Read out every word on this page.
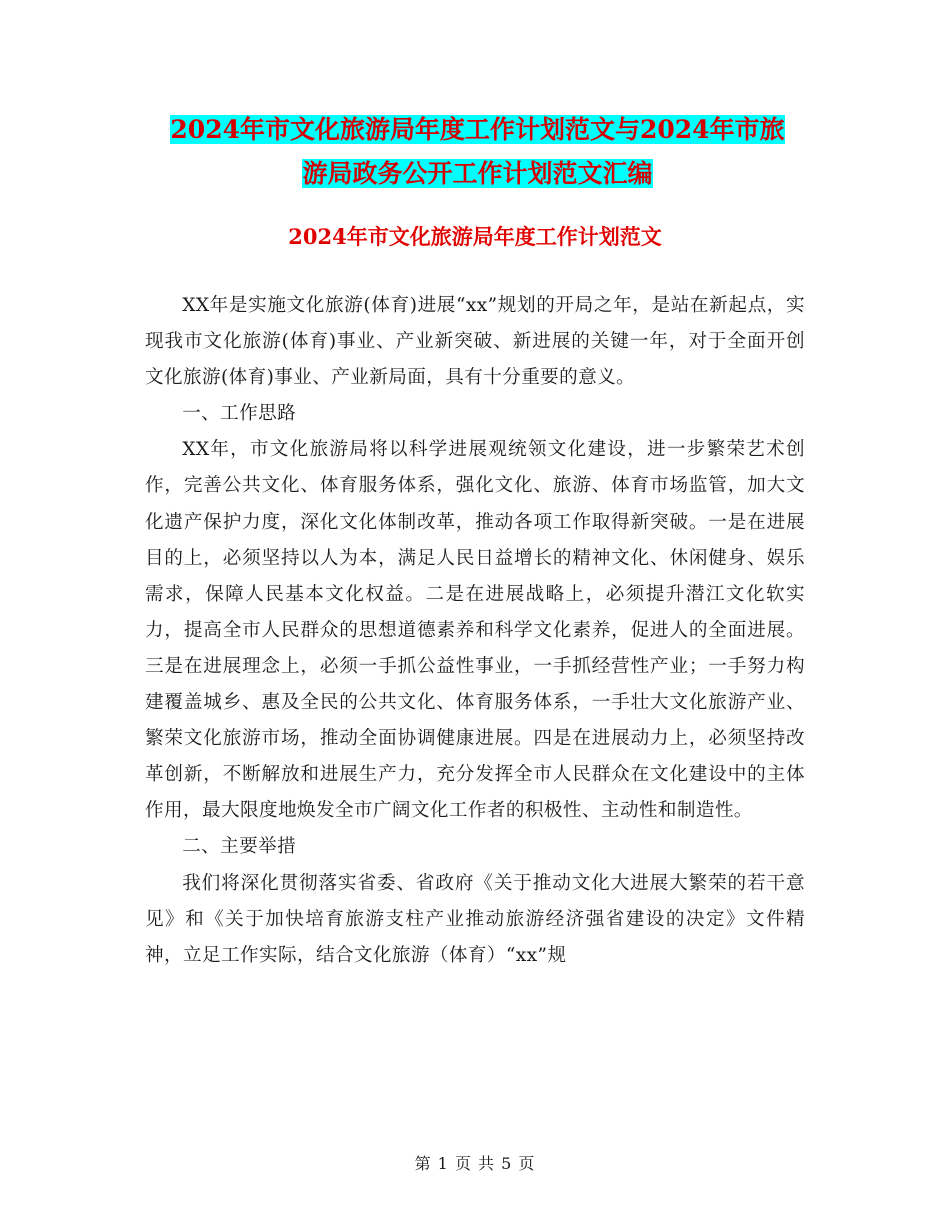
2024年市文化旅游局年度工作计划范文与2024年市旅
游局政务公开工作计划范文汇编
2024年市文化旅游局年度工作计划范文

XX年是实施文化旅游(体育)进展“xx”规划的开局之年，是站在新起点，实现我市文化旅游(体育)事业、产业新突破、新进展的关键一年，对于全面开创文化旅游(体育)事业、产业新局面，具有十分重要的意义。

一、工作思路

XX年，市文化旅游局将以科学进展观统领文化建设，进一步繁荣艺术创作，完善公共文化、体育服务体系，强化文化、旅游、体育市场监管，加大文化遗产保护力度，深化文化体制改革，推动各项工作取得新突破。一是在进展目的上，必须坚持以人为本，满足人民日益增长的精神文化、休闲健身、娱乐需求，保障人民基本文化权益。二是在进展战略上，必须提升潜江文化软实力，提高全市人民群众的思想道德素养和科学文化素养，促进人的全面进展。三是在进展理念上，必须一手抓公益性事业，一手抓经营性产业；一手努力构建覆盖城乡、惠及全民的公共文化、体育服务体系，一手壮大文化旅游产业、繁荣文化旅游市场，推动全面协调健康进展。四是在进展动力上，必须坚持改革创新，不断解放和进展生产力，充分发挥全市人民群众在文化建设中的主体作用，最大限度地焕发全市广阔文化工作者的积极性、主动性和制造性。

二、主要举措

我们将深化贯彻落实省委、省政府《关于推动文化大进展大繁荣的若干意见》和《关于加快培育旅游支柱产业推动旅游经济强省建设的决定》文件精神，立足工作实际，结合文化旅游（体育）“xx”规

第 1 页 共 5 页
